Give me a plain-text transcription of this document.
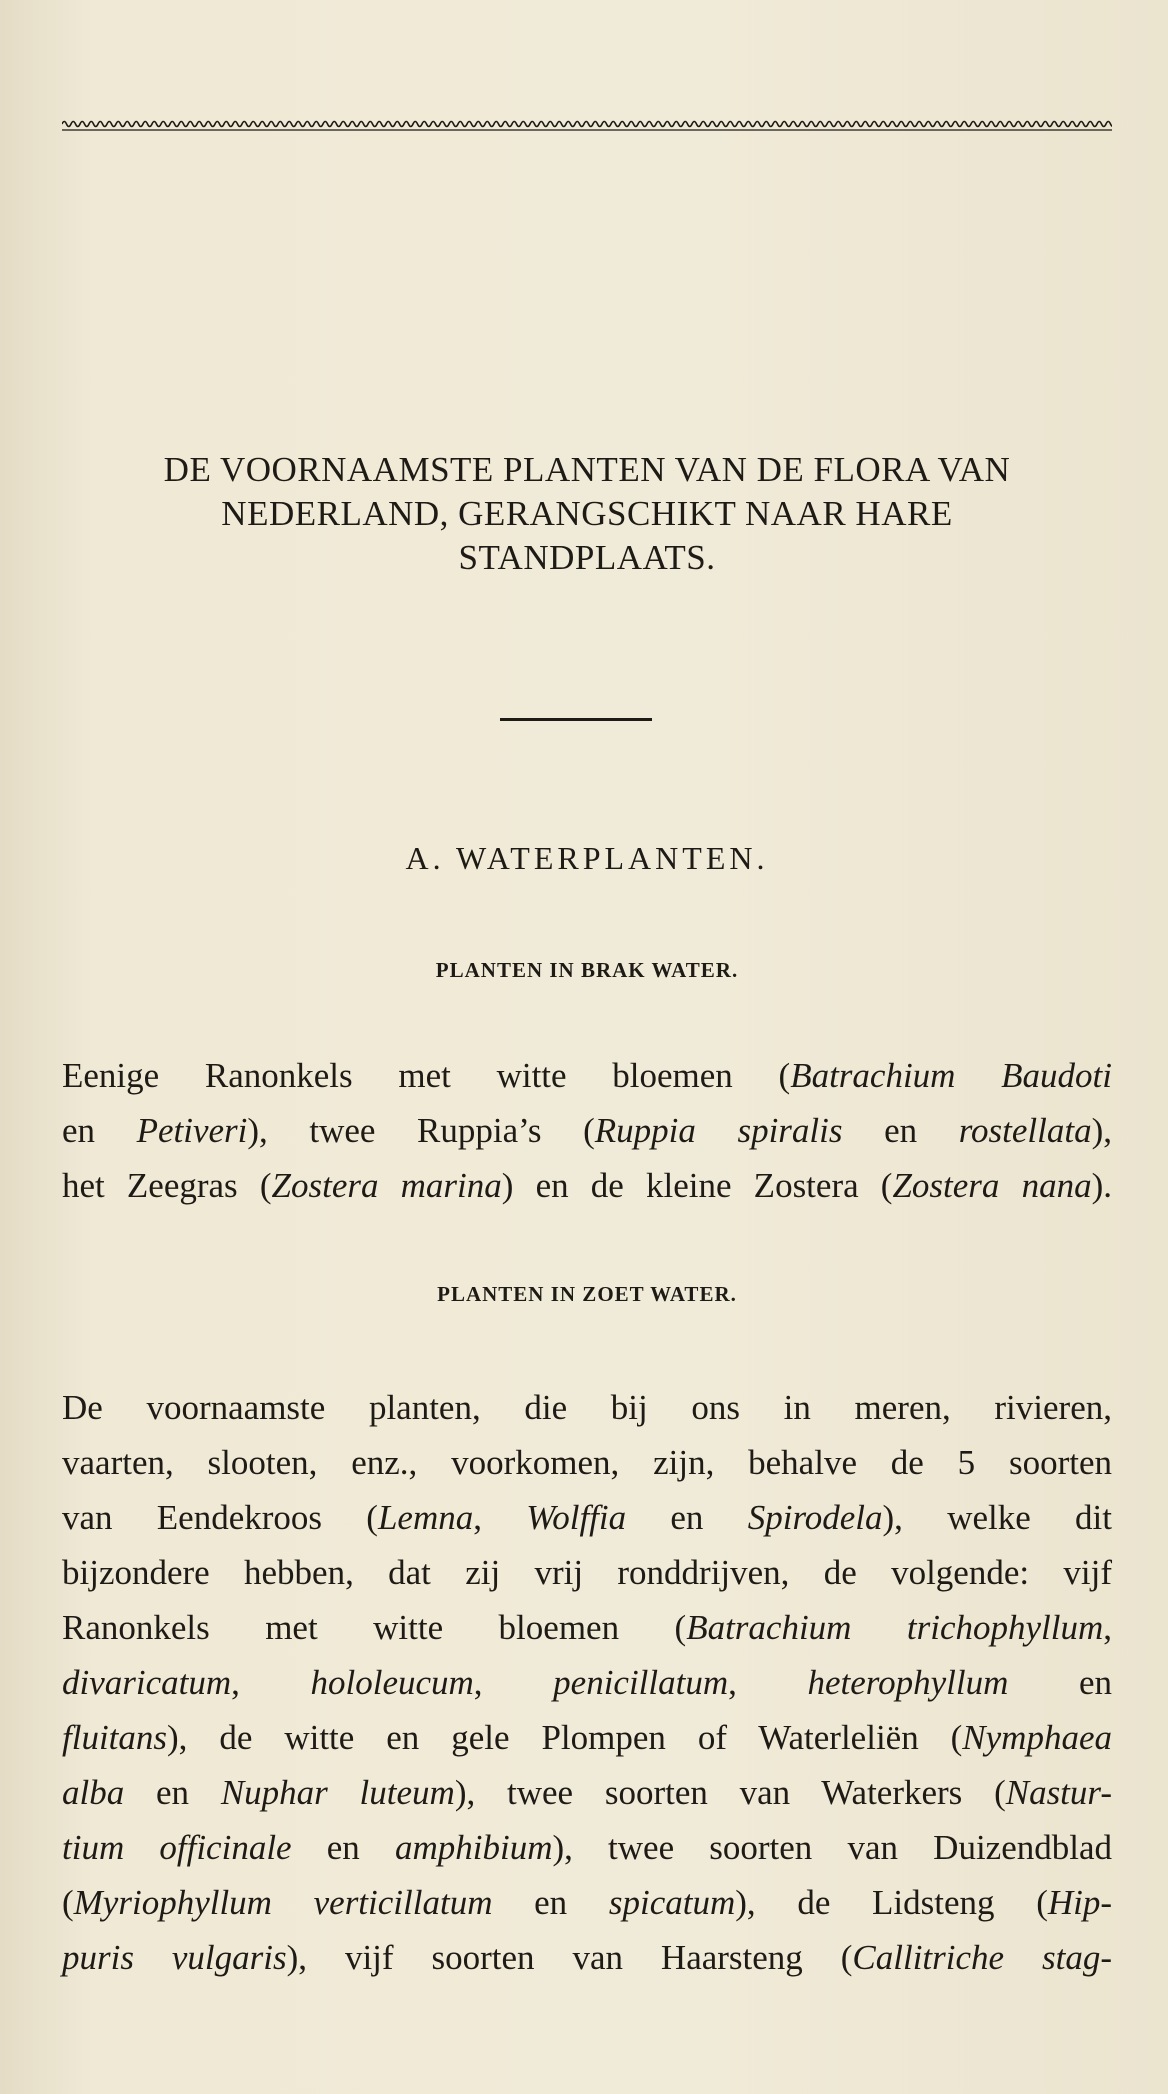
DE VOORNAAMSTE PLANTEN VAN DE FLORA VAN
NEDERLAND, GERANGSCHIKT NAAR HARE
STANDPLAATS.
A. WATERPLANTEN.
PLANTEN IN BRAK WATER.

Eenige Ranonkels met witte bloemen (Batrachium Baudoti
en Petiveri), twee Ruppia’s (Ruppia spiralis en rostellata),
het Zeegras (Zostera marina) en de kleine Zostera (Zostera nana).

PLANTEN IN ZOET WATER.

De voornaamste planten, die bij ons in meren, rivieren,
vaarten, slooten, enz., voorkomen, zijn, behalve de 5 soorten
van Eendekroos (Lemna, Wolffia en Spirodela), welke dit
bijzondere hebben, dat zij vrij ronddrijven, de volgende: vijf
Ranonkels met witte bloemen (Batrachium trichophyllum,
divaricatum, hololeucum, penicillatum, heterophyllum en
fluitans), de witte en gele Plompen of Waterleliën (Nymphaea
alba en Nuphar luteum), twee soorten van Waterkers (Nastur-
tium officinale en amphibium), twee soorten van Duizendblad
(Myriophyllum verticillatum en spicatum), de Lidsteng (Hip-
puris vulgaris), vijf soorten van Haarsteng (Callitriche stag-
